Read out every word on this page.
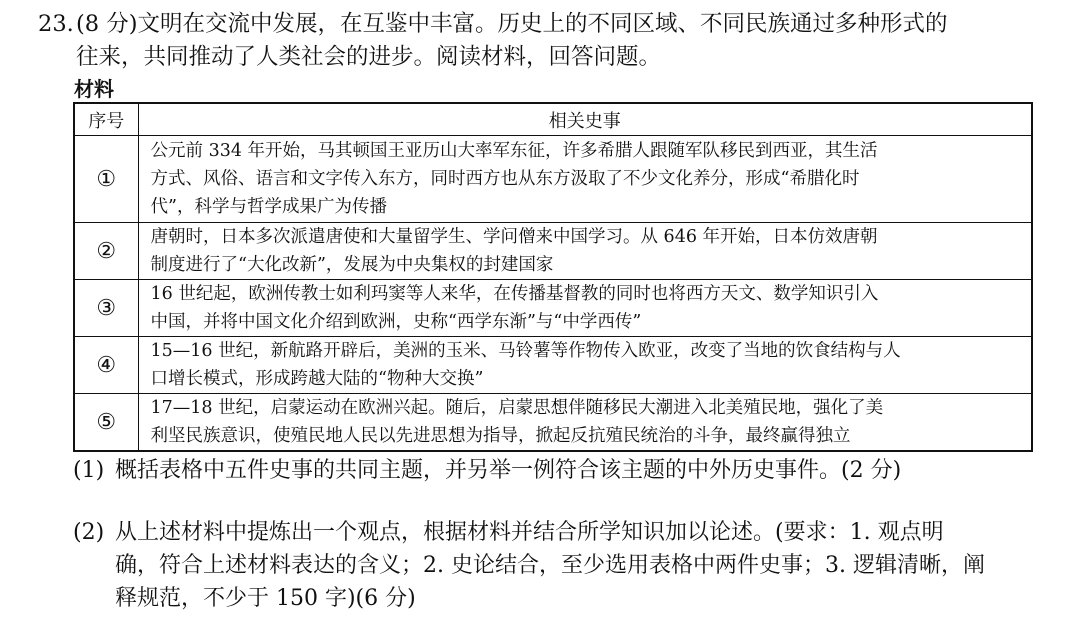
23.(8 分)文明在交流中发展，在互鉴中丰富。历史上的不同区域、不同民族通过多种形式的
往来，共同推动了人类社会的进步。阅读材料，回答问题。
材料
序号	相关史事
①	公元前 334 年开始，马其顿国王亚历山大率军东征，许多希腊人跟随军队移民到西亚，其生活
方式、风俗、语言和文字传入东方，同时西方也从东方汲取了不少文化养分，形成“希腊化时
代”，科学与哲学成果广为传播

②	唐朝时，日本多次派遣唐使和大量留学生、学问僧来中国学习。从 646 年开始，日本仿效唐朝
制度进行了“大化改新”，发展为中央集权的封建国家

③	16 世纪起，欧洲传教士如利玛窦等人来华，在传播基督教的同时也将西方天文、数学知识引入
中国，并将中国文化介绍到欧洲，史称“西学东渐”与“中学西传”

④	15—16 世纪，新航路开辟后，美洲的玉米、马铃薯等作物传入欧亚，改变了当地的饮食结构与人
口增长模式，形成跨越大陆的“物种大交换”

⑤	17—18 世纪，启蒙运动在欧洲兴起。随后，启蒙思想伴随移民大潮进入北美殖民地，强化了美
利坚民族意识，使殖民地人民以先进思想为指导，掀起反抗殖民统治的斗争，最终赢得独立
(1) 概括表格中五件史事的共同主题，并另举一例符合该主题的中外历史事件。(2 分)
(2) 从上述材料中提炼出一个观点，根据材料并结合所学知识加以论述。(要求：1. 观点明
确，符合上述材料表达的含义；2. 史论结合，至少选用表格中两件史事；3. 逻辑清晰，阐
释规范，不少于 150 字)(6 分)
